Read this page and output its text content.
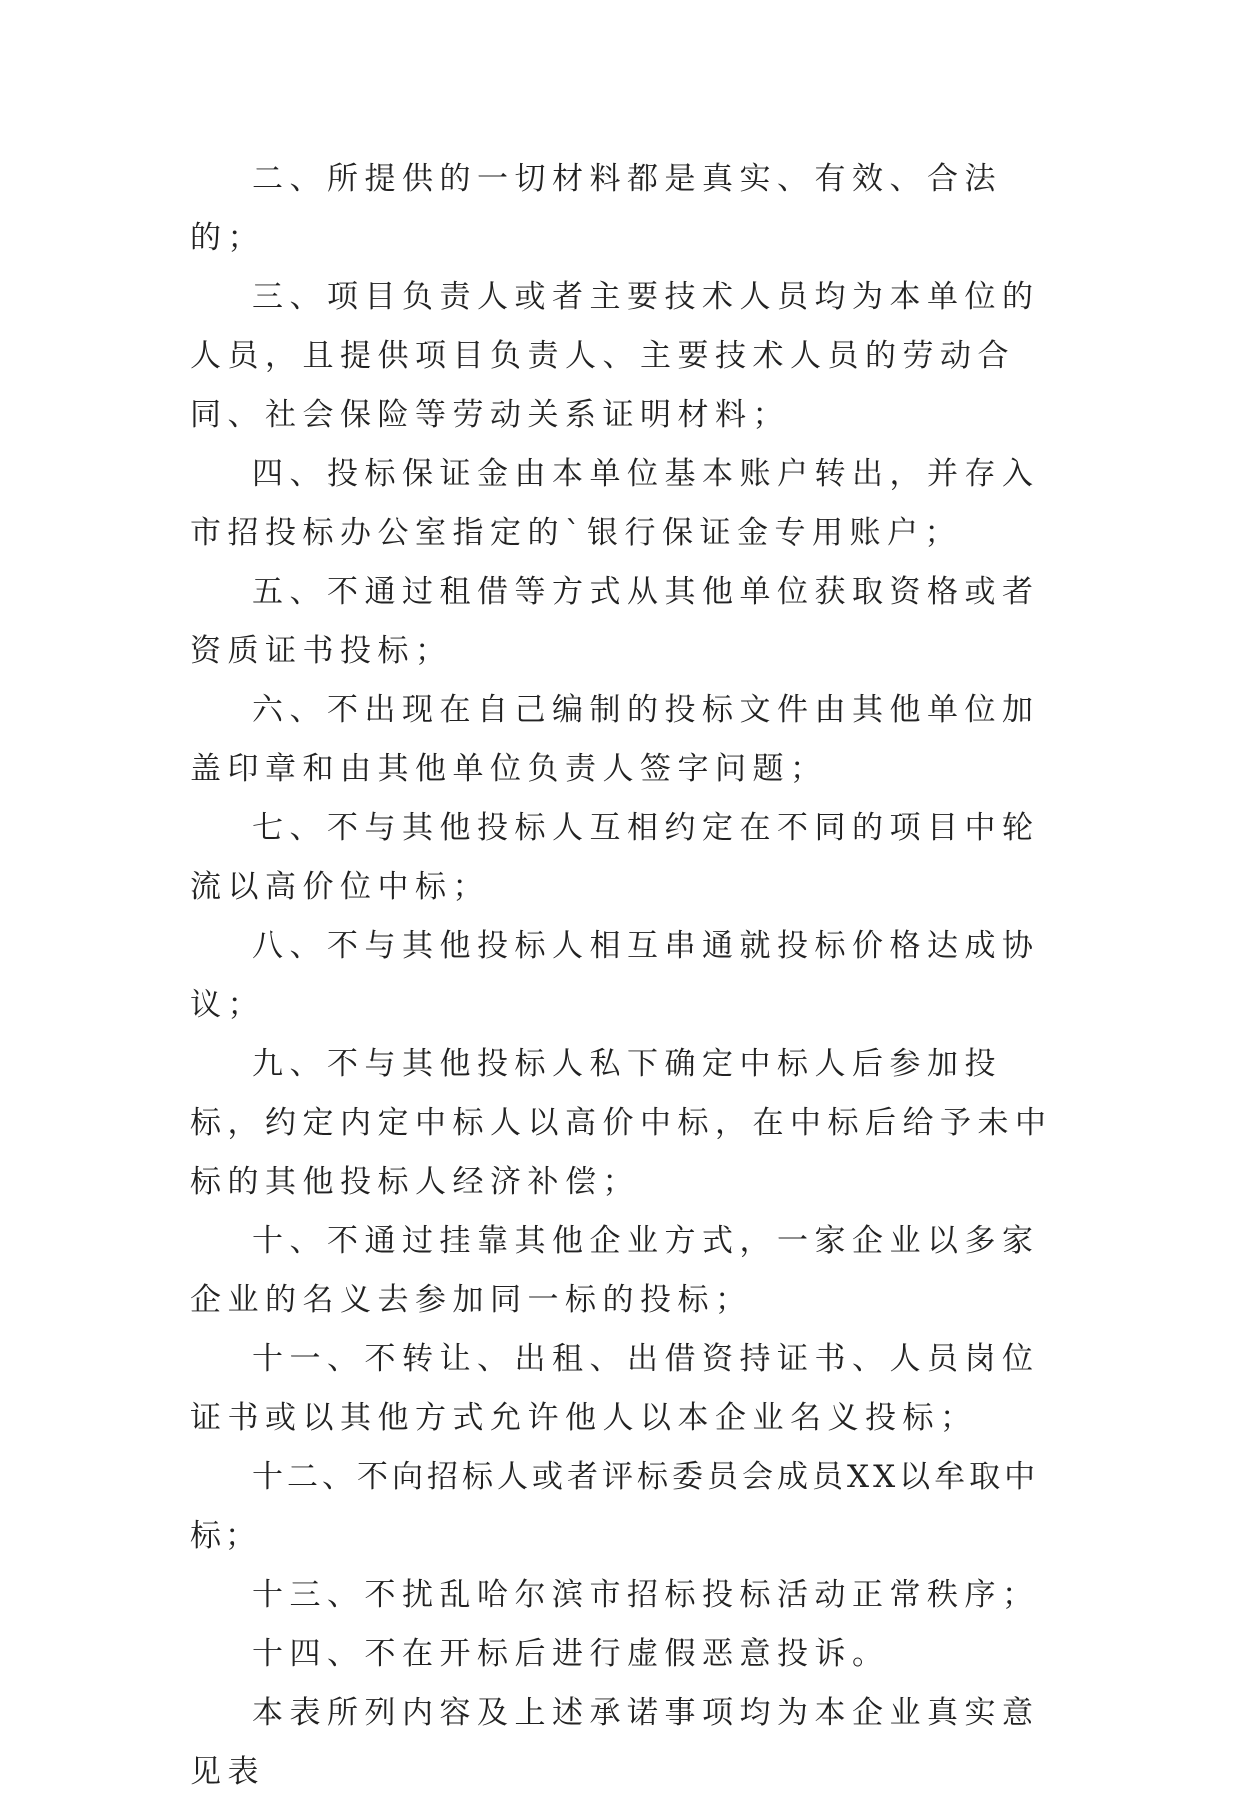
二、所提供的一切材料都是真实、有效、合法的；

三、项目负责人或者主要技术人员均为本单位的人员，且提供项目负责人、主要技术人员的劳动合同、社会保险等劳动关系证明材料；

四、投标保证金由本单位基本账户转出，并存入市招投标办公室指定的`银行保证金专用账户；

五、不通过租借等方式从其他单位获取资格或者资质证书投标；

六、不出现在自己编制的投标文件由其他单位加盖印章和由其他单位负责人签字问题；

七、不与其他投标人互相约定在不同的项目中轮流以高价位中标；

八、不与其他投标人相互串通就投标价格达成协议；

九、不与其他投标人私下确定中标人后参加投标，约定内定中标人以高价中标，在中标后给予未中标的其他投标人经济补偿；

十、不通过挂靠其他企业方式，一家企业以多家企业的名义去参加同一标的投标；

十一、不转让、出租、出借资持证书、人员岗位证书或以其他方式允许他人以本企业名义投标；

十二、不向招标人或者评标委员会成员XX以牟取中标；

十三、不扰乱哈尔滨市招标投标活动正常秩序；

十四、不在开标后进行虚假恶意投诉。

本表所列内容及上述承诺事项均为本企业真实意见表
